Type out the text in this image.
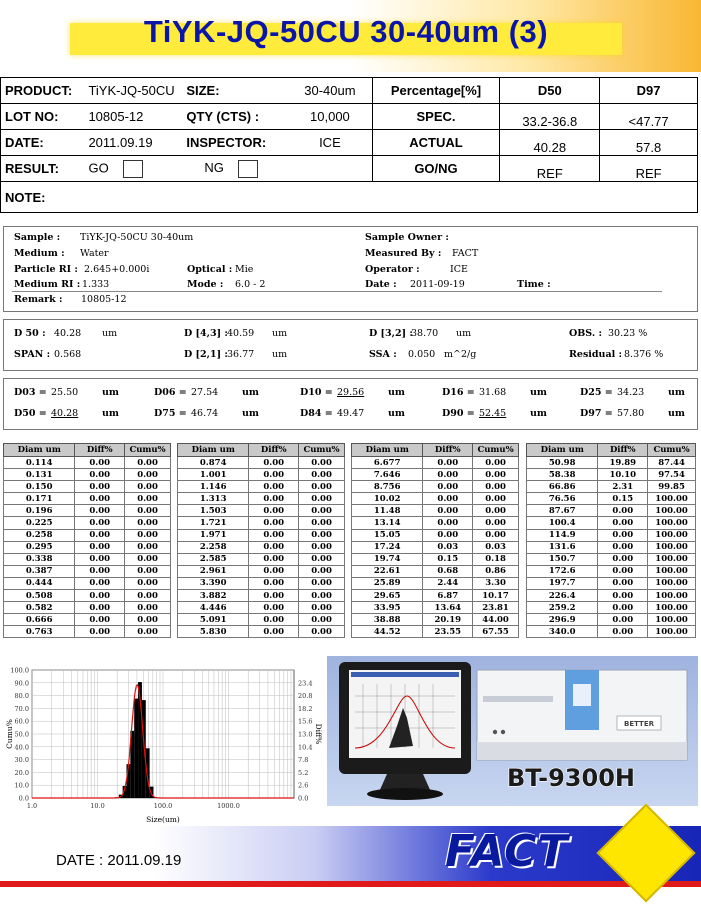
TiYK-JQ-50CU 30-40um (3)
PRODUCT:	TiYK-JQ-50CU	SIZE:	30-40um	Percentage[%]	D50	D97
LOT NO:	10805-12	QTY (CTS) :	10,000	SPEC.	33.2-36.8	<47.77
DATE:	2011.09.19	INSPECTOR:	ICE	ACTUAL	40.28	57.8
RESULT:	GO	NG		GO/NG	REF	REF
NOTE:						
Sample : TiYK-JQ-50CU 30-40um
Medium : Water
Particle RI : 2.645+0.000i	Optical : Mie
Medium RI : 1.333	Mode : 6.0 - 2
Remark : 10805-12
Sample Owner :
Measured By : FACT
Operator :	ICE
Date : 2011-09-19	Time :
D 50 : 40.28 um
SPAN : 0.568
D [4,3] : 40.59 um
D [2,1] : 36.77 um
D [3,2] :
38.70 um
SSA : 0.050 m^2/g
OBS. : 30.23 %
Residual : 8.376 %
D03 = 25.50	um	D06 = 27.54	um	D10 = 29.56	um	D16 = 31.68	um	D25 = 34.23	um
D50 = 40.28	um	D75 = 46.74	um	D84 = 49.47	um	D90 = 52.45	um	D97 = 57.80	um
Diam um	Diff%	Cumu%
0.114	0.00	0.00
0.131	0.00	0.00
0.150	0.00	0.00
0.171	0.00	0.00
0.196	0.00	0.00
0.225	0.00	0.00
0.258	0.00	0.00
0.295	0.00	0.00
0.338	0.00	0.00
0.387	0.00	0.00
0.444	0.00	0.00
0.508	0.00	0.00
0.582	0.00	0.00
0.666	0.00	0.00
0.763	0.00	0.00
Diam um	Diff%	Cumu%
0.874	0.00	0.00
1.001	0.00	0.00
1.146	0.00	0.00
1.313	0.00	0.00
1.503	0.00	0.00
1.721	0.00	0.00
1.971	0.00	0.00
2.258	0.00	0.00
2.585	0.00	0.00
2.961	0.00	0.00
3.390	0.00	0.00
3.882	0.00	0.00
4.446	0.00	0.00
5.091	0.00	0.00
5.830	0.00	0.00
Diam um	Diff%	Cumu%
6.677	0.00	0.00
7.646	0.00	0.00
8.756	0.00	0.00
10.02	0.00	0.00
11.48	0.00	0.00
13.14	0.00	0.00
15.05	0.00	0.00
17.24	0.03	0.03
19.74	0.15	0.18
22.61	0.68	0.86
25.89	2.44	3.30
29.65	6.87	10.17
33.95	13.64	23.81
38.88	20.19	44.00
44.52	23.55	67.55
Diam um	Diff%	Cumu%
50.98	19.89	87.44
58.38	10.10	97.54
66.86	2.31	99.85
76.56	0.15	100.00
87.67	0.00	100.00
100.4	0.00	100.00
114.9	0.00	100.00
131.6	0.00	100.00
150.7	0.00	100.00
172.6	0.00	100.00
197.7	0.00	100.00
226.4	0.00	100.00
259.2	0.00	100.00
296.9	0.00	100.00
340.0	0.00	100.00
0.0
10.0
20.0
30.0
40.0
50.0
60.0
70.0
80.0
90.0
100.0
0.0
2.6
5.2
7.8
10.4
13.0
15.6
18.2
20.8
23.4
1.0	10.0	100.0	1000.0
Size(um)
Cumu%	Diff%	BETTER
BT-9300H
DATE : 2011.09.19	FACT
